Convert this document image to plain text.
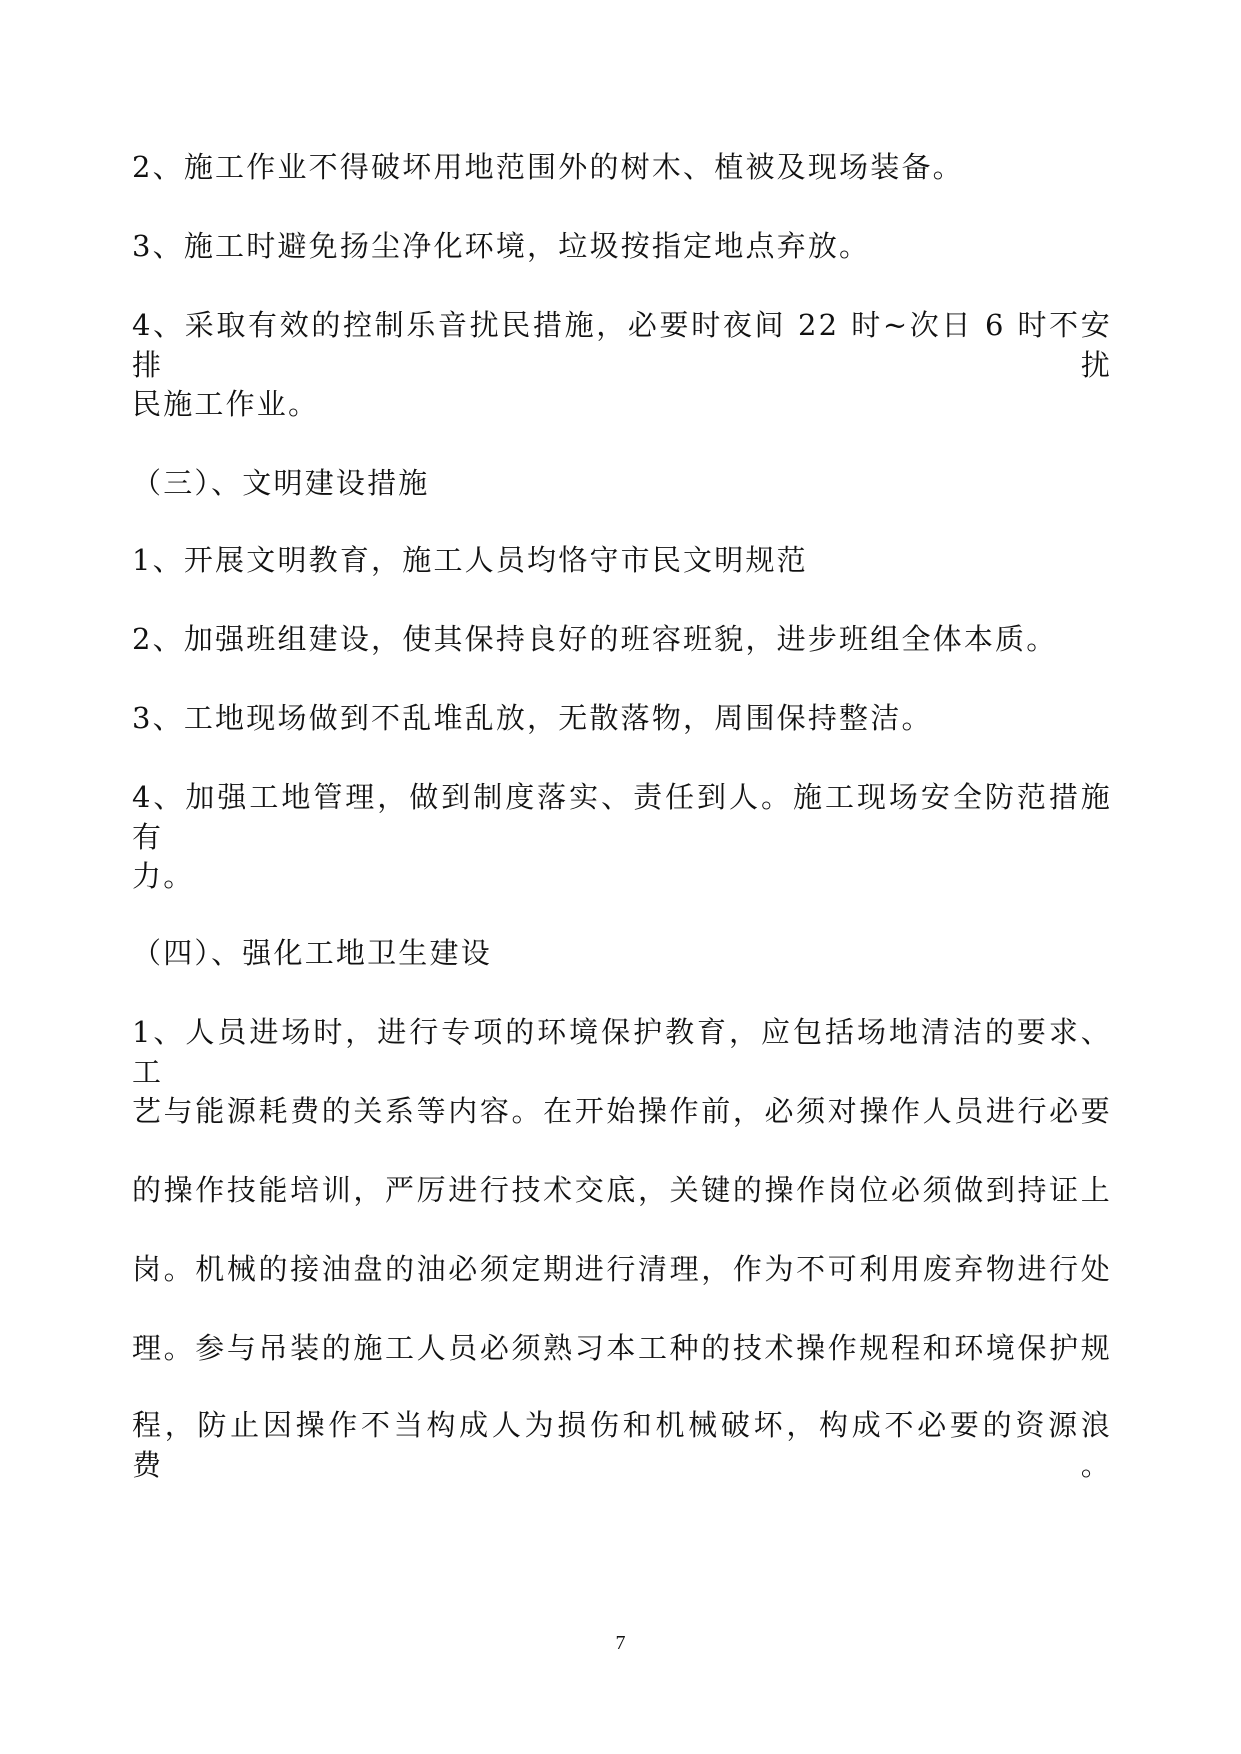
2、施工作业不得破坏用地范围外的树木、植被及现场装备。
3、施工时避免扬尘净化环境，垃圾按指定地点弃放。
4、采取有效的控制乐音扰民措施，必要时夜间 22 时~次日 6 时不安排扰
民施工作业。
（三）、文明建设措施
1、开展文明教育，施工人员均恪守市民文明规范
2、加强班组建设，使其保持良好的班容班貌，进步班组全体本质。
3、工地现场做到不乱堆乱放，无散落物，周围保持整洁。
4、加强工地管理，做到制度落实、责任到人。施工现场安全防范措施有
力。
（四）、强化工地卫生建设
1、人员进场时，进行专项的环境保护教育，应包括场地清洁的要求、工
艺与能源耗费的关系等内容。在开始操作前，必须对操作人员进行必要
的操作技能培训，严厉进行技术交底，关键的操作岗位必须做到持证上
岗。机械的接油盘的油必须定期进行清理，作为不可利用废弃物进行处
理。参与吊装的施工人员必须熟习本工种的技术操作规程和环境保护规
程，防止因操作不当构成人为损伤和机械破坏，构成不必要的资源浪费。
7
